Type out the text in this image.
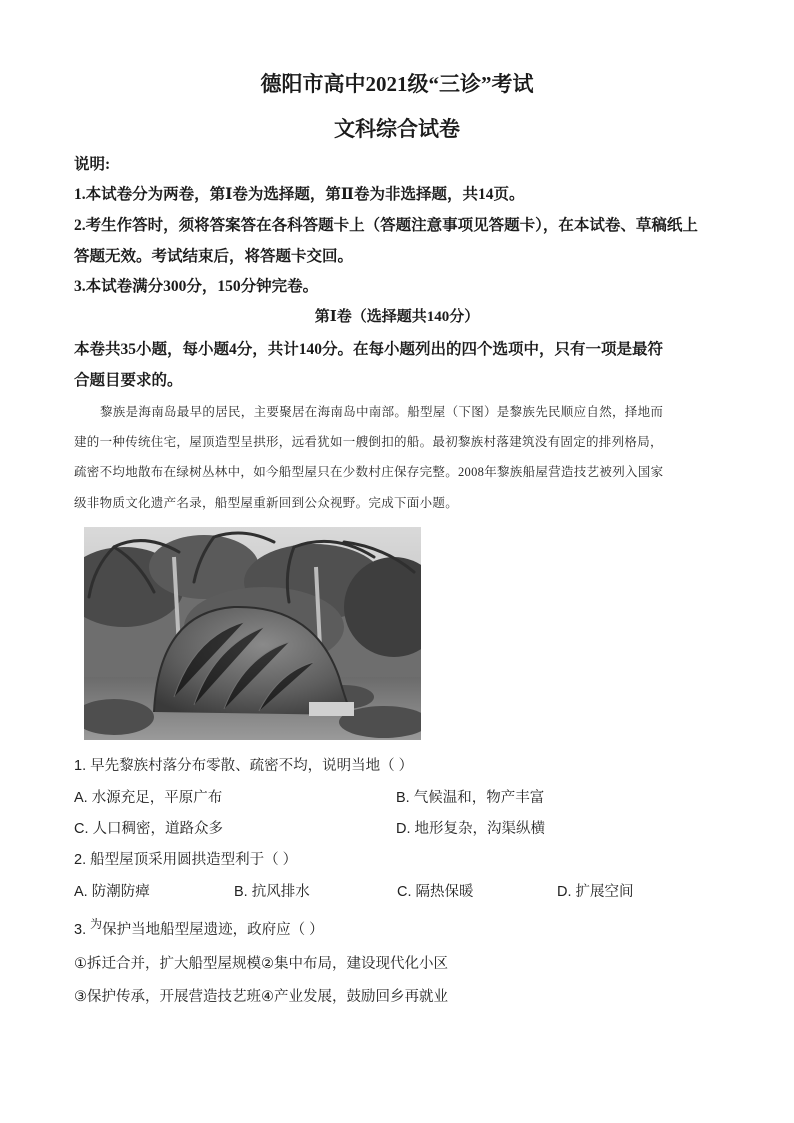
德阳市高中2021级“三诊”考试
文科综合试卷
说明:
1.本试卷分为两卷，第Ⅰ卷为选择题，第Ⅱ卷为非选择题，共14页。
2.考生作答时，须将答案答在各科答题卡上（答题注意事项见答题卡），在本试卷、草稿纸上
答题无效。考试结束后，将答题卡交回。
3.本试卷满分300分，150分钟完卷。
第Ⅰ卷（选择题共140分）
本卷共35小题，每小题4分，共计140分。在每小题列出的四个选项中，只有一项是最符
合题目要求的。
黎族是海南岛最早的居民，主要聚居在海南岛中南部。船型屋（下图）是黎族先民顺应自然，择地而
建的一种传统住宅，屋顶造型呈拱形，远看犹如一艘倒扣的船。最初黎族村落建筑没有固定的排列格局，
疏密不均地散布在绿树丛林中，如今船型屋只在少数村庄保存完整。2008年黎族船屋营造技艺被列入国家
级非物质文化遗产名录，船型屋重新回到公众视野。完成下面小题。
1. 早先黎族村落分布零散、疏密不均，说明当地（ ）
A. 水源充足，平原广布	B. 气候温和，物产丰富
C. 人口稠密，道路众多	D. 地形复杂，沟渠纵横
2. 船型屋顶采用圆拱造型利于（ ）
A. 防潮防瘴	B. 抗风排水	C. 隔热保暖	D. 扩展空间
3. $^为$保护当地船型屋遗迹，政府应（ ）
①拆迁合并，扩大船型屋规模②集中布局，建设现代化小区
③保护传承，开展营造技艺班④产业发展，鼓励回乡再就业
